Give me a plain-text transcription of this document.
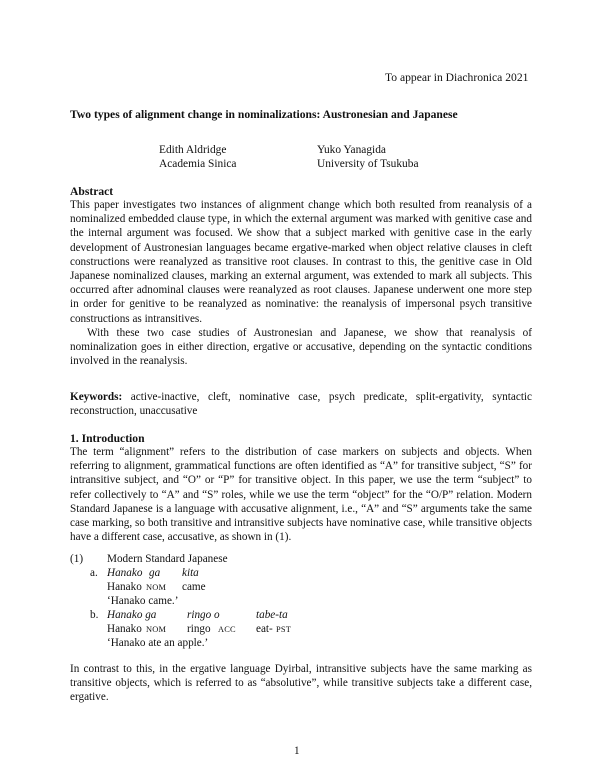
To appear in Diachronica 2021
Two types of alignment change in nominalizations: Austronesian and Japanese
Edith Aldridge
Academia Sinica
Yuko Yanagida
University of Tsukuba
Abstract

This paper investigates two instances of alignment change which both resulted from reanalysis of a nominalized embedded clause type, in which the external argument was marked with genitive case and the internal argument was focused. We show that a subject marked with genitive case in the early development of Austronesian languages became ergative-marked when object relative clauses in cleft constructions were reanalyzed as transitive root clauses. In contrast to this, the genitive case in Old Japanese nominalized clauses, marking an external argument, was extended to mark all subjects. This occurred after adnominal clauses were reanalyzed as root clauses. Japanese underwent one more step in order for genitive to be reanalyzed as nominative: the reanalysis of impersonal psych transitive constructions as intransitives.

With these two case studies of Austronesian and Japanese, we show that reanalysis of nominalization goes in either direction, ergative or accusative, depending on the syntactic conditions involved in the reanalysis.

Keywords: active-inactive, cleft, nominative case, psych predicate, split-ergativity, syntactic reconstruction, unaccusative
1. Introduction
The term “alignment” refers to the distribution of case markers on subjects and objects. When referring to alignment, grammatical functions are often identified as “A” for transitive subject, “S” for intransitive subject, and “O” or “P” for transitive object. In this paper, we use the term “subject” to refer collectively to “A” and “S” roles, while we use the term “object” for the “O/P” relation. Modern Standard Japanese is a language with accusative alignment, i.e., “A” and “S” arguments take the same case marking, so both transitive and intransitive subjects have nominative case, while transitive objects have a different case, accusative, as shown in (1).
(1) Modern Standard Japanese
a. Hanako ga kita
Hanako NOM came
‘Hanako came.’
b. Hanako ga	ringo o	tabe-ta
Hanako NOM ringo ACC eat- PST
‘Hanako ate an apple.’
In contrast to this, in the ergative language Dyirbal, intransitive subjects have the same marking as transitive objects, which is referred to as “absolutive”, while transitive subjects take a different case, ergative.
1
